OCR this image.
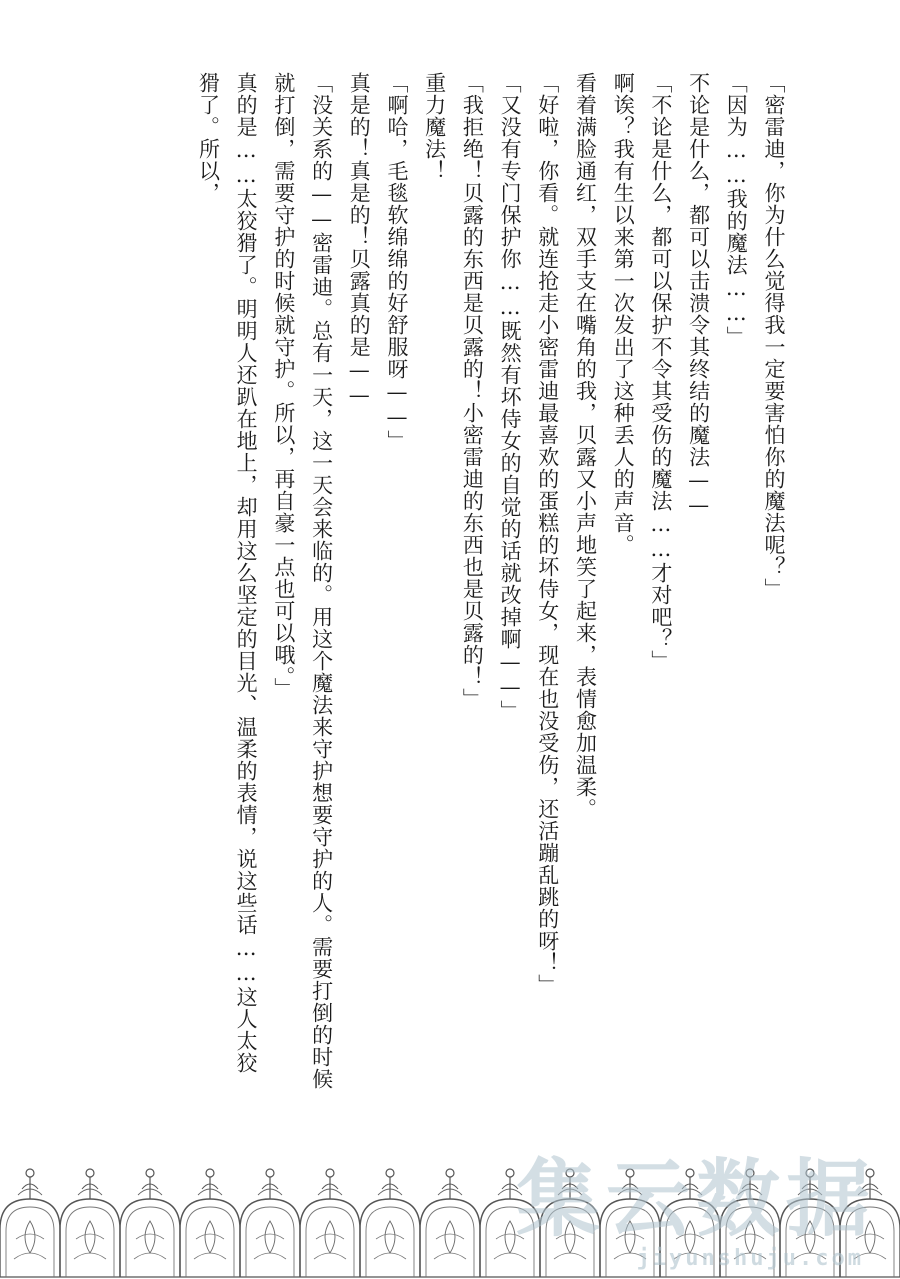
「密雷迪，你为什么觉得我一定要害怕你的魔法呢？」
「因为……我的魔法……」
不论是什么，都可以击溃令其终结的魔法——
「不论是什么，都可以保护不令其受伤的魔法……才对吧？」
啊诶？我有生以来第一次发出了这种丢人的声音。
看着满脸通红，双手支在嘴角的我，贝露又小声地笑了起来，表情愈加温柔。
「好啦，你看。就连抢走小密雷迪最喜欢的蛋糕的坏侍女，现在也没受伤，还活蹦乱跳的呀！」
「又没有专门保护你……既然有坏侍女的自觉的话就改掉啊——」
「我拒绝！贝露的东西是贝露的！小密雷迪的东西也是贝露的！」
重力魔法！
「啊哈，毛毯软绵绵的好舒服呀——」
真是的！真是的！贝露真的是——
「没关系的——密雷迪。总有一天，这一天会来临的。用这个魔法来守护想要守护的人。需要打倒的时候
就打倒，需要守护的时候就守护。所以，再自豪一点也可以哦。」
真的是……太狡猾了。明明人还趴在地上，却用这么坚定的目光、温柔的表情，说这些话……这人太狡
猾了。所以，
集云数据
jiyunshuju.com
